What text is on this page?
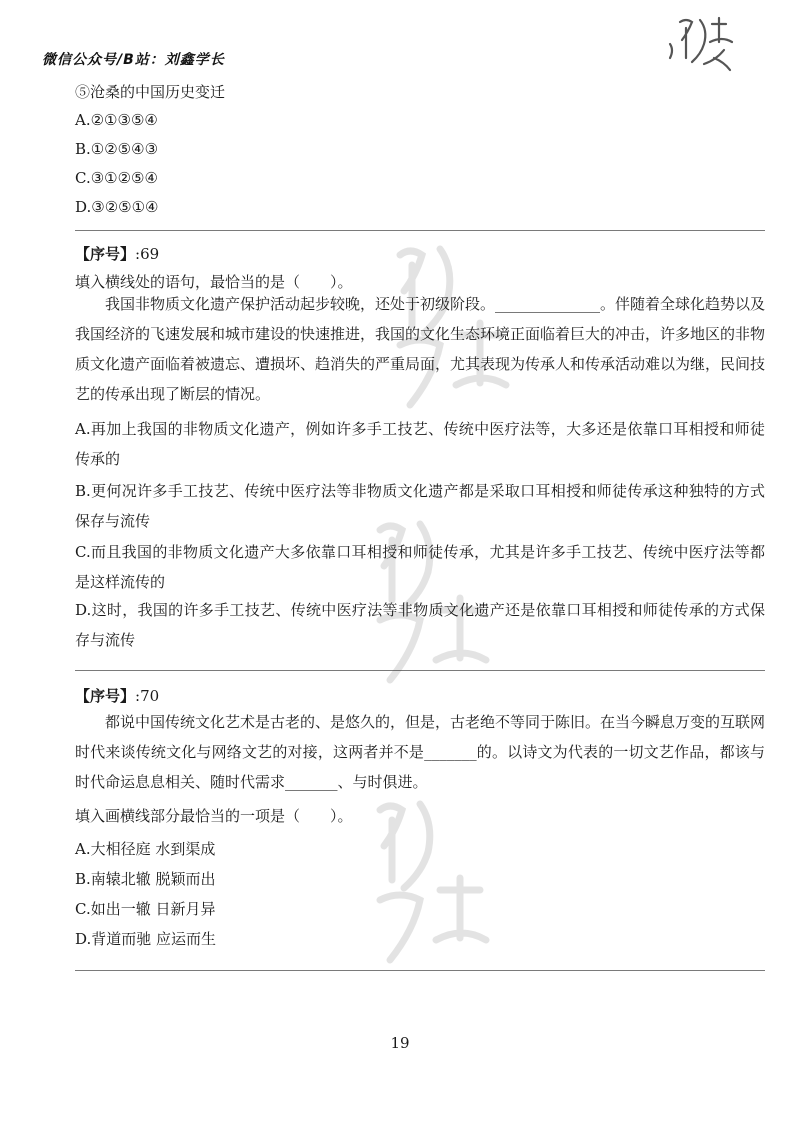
微信公众号/B站：刘鑫学长
⑤沧桑的中国历史变迁
A.②①③⑤④
B.①②⑤④③
C.③①②⑤④
D.③②⑤①④
【序号】:69
填入横线处的语句，最恰当的是（　　）。
我国非物质文化遗产保护活动起步较晚，还处于初级阶段。______________。伴随着全球化趋势以及我国经济的飞速发展和城市建设的快速推进，我国的文化生态环境正面临着巨大的冲击，许多地区的非物质文化遗产面临着被遗忘、遭损坏、趋消失的严重局面，尤其表现为传承人和传承活动难以为继，民间技艺的传承出现了断层的情况。
A.再加上我国的非物质文化遗产，例如许多手工技艺、传统中医疗法等，大多还是依靠口耳相授和师徒传承的
B.更何况许多手工技艺、传统中医疗法等非物质文化遗产都是采取口耳相授和师徒传承这种独特的方式保存与流传
C.而且我国的非物质文化遗产大多依靠口耳相授和师徒传承，尤其是许多手工技艺、传统中医疗法等都是这样流传的
D.这时，我国的许多手工技艺、传统中医疗法等非物质文化遗产还是依靠口耳相授和师徒传承的方式保存与流传
【序号】:70
都说中国传统文化艺术是古老的、是悠久的，但是，古老绝不等同于陈旧。在当今瞬息万变的互联网时代来谈传统文化与网络文艺的对接，这两者并不是_______的。以诗文为代表的一切文艺作品，都该与时代命运息息相关、随时代需求_______、与时俱进。
填入画横线部分最恰当的一项是（　　）。
A.大相径庭 水到渠成
B.南辕北辙 脱颖而出
C.如出一辙 日新月异
D.背道而驰 应运而生
19
